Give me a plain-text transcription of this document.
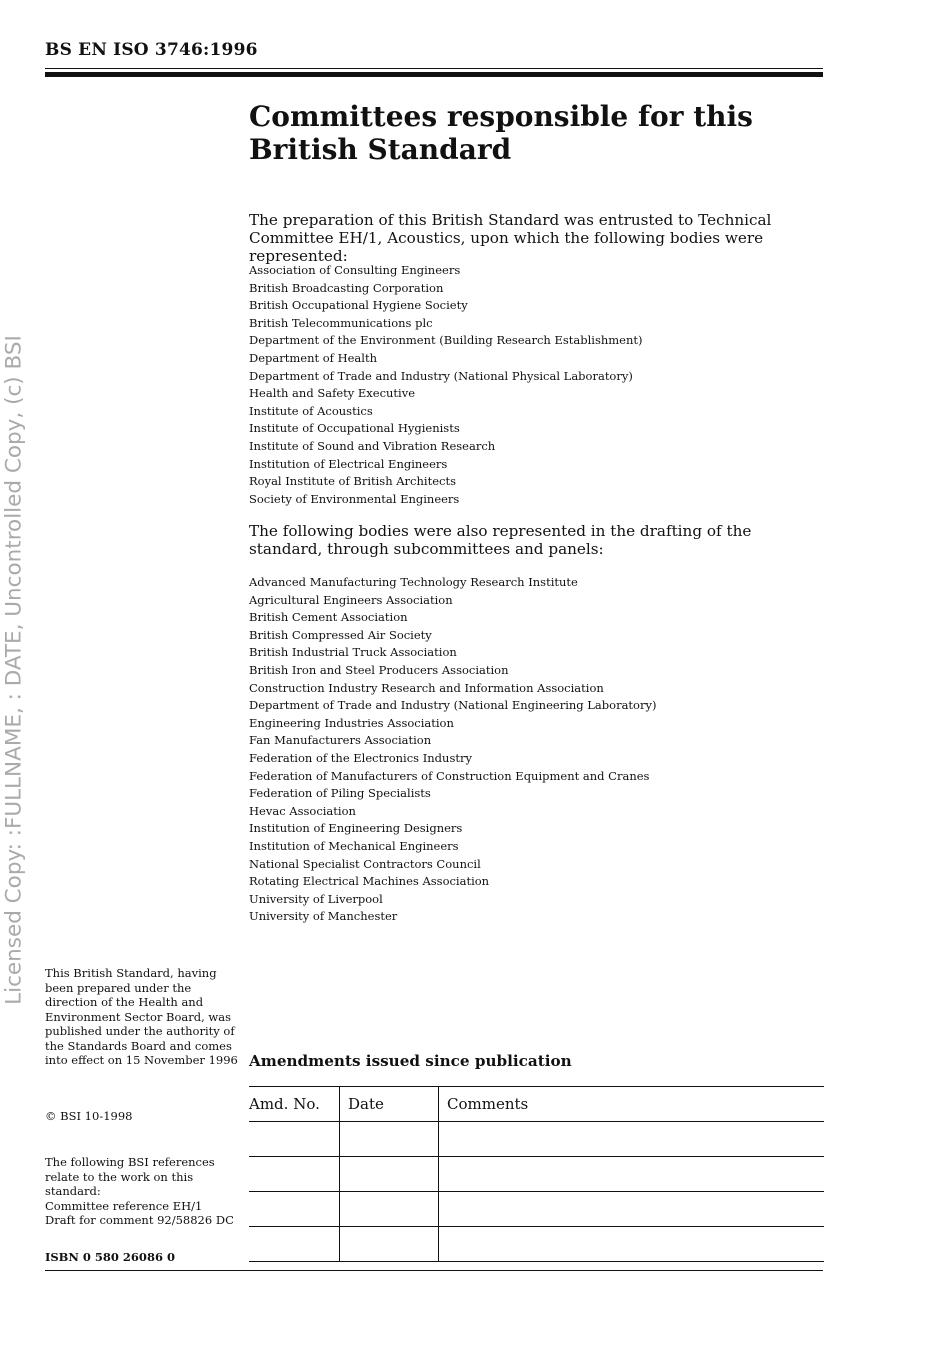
BS EN ISO 3746:1996
Committees responsible for this British Standard

The preparation of this British Standard was entrusted to Technical Committee EH/1, Acoustics, upon which the following bodies were represented:

Association of Consulting Engineers
British Broadcasting Corporation
British Occupational Hygiene Society
British Telecommunications plc
Department of the Environment (Building Research Establishment)
Department of Health
Department of Trade and Industry (National Physical Laboratory)
Health and Safety Executive
Institute of Acoustics
Institute of Occupational Hygienists
Institute of Sound and Vibration Research
Institution of Electrical Engineers
Royal Institute of British Architects
Society of Environmental Engineers

The following bodies were also represented in the drafting of the standard, through subcommittees and panels:

Advanced Manufacturing Technology Research Institute
Agricultural Engineers Association
British Cement Association
British Compressed Air Society
British Industrial Truck Association
British Iron and Steel Producers Association
Construction Industry Research and Information Association
Department of Trade and Industry (National Engineering Laboratory)
Engineering Industries Association
Fan Manufacturers Association
Federation of the Electronics Industry
Federation of Manufacturers of Construction Equipment and Cranes
Federation of Piling Specialists
Hevac Association
Institution of Engineering Designers
Institution of Mechanical Engineers
National Specialist Contractors Council
Rotating Electrical Machines Association
University of Liverpool
University of Manchester
Licensed Copy: :FULLNAME, : DATE, Uncontrolled Copy, (c) BSI This British Standard, having been prepared under the direction of the Health and Environment Sector Board, was published under the authority of the Standards Board and comes into effect on 15 November 1996

© BSI 10-1998

The following BSI references relate to the work on this standard:
Committee reference EH/1
Draft for comment 92/58826 DC

ISBN 0 580 26086 0

Amendments issued since publication
Amd. No.	Date	Comments
